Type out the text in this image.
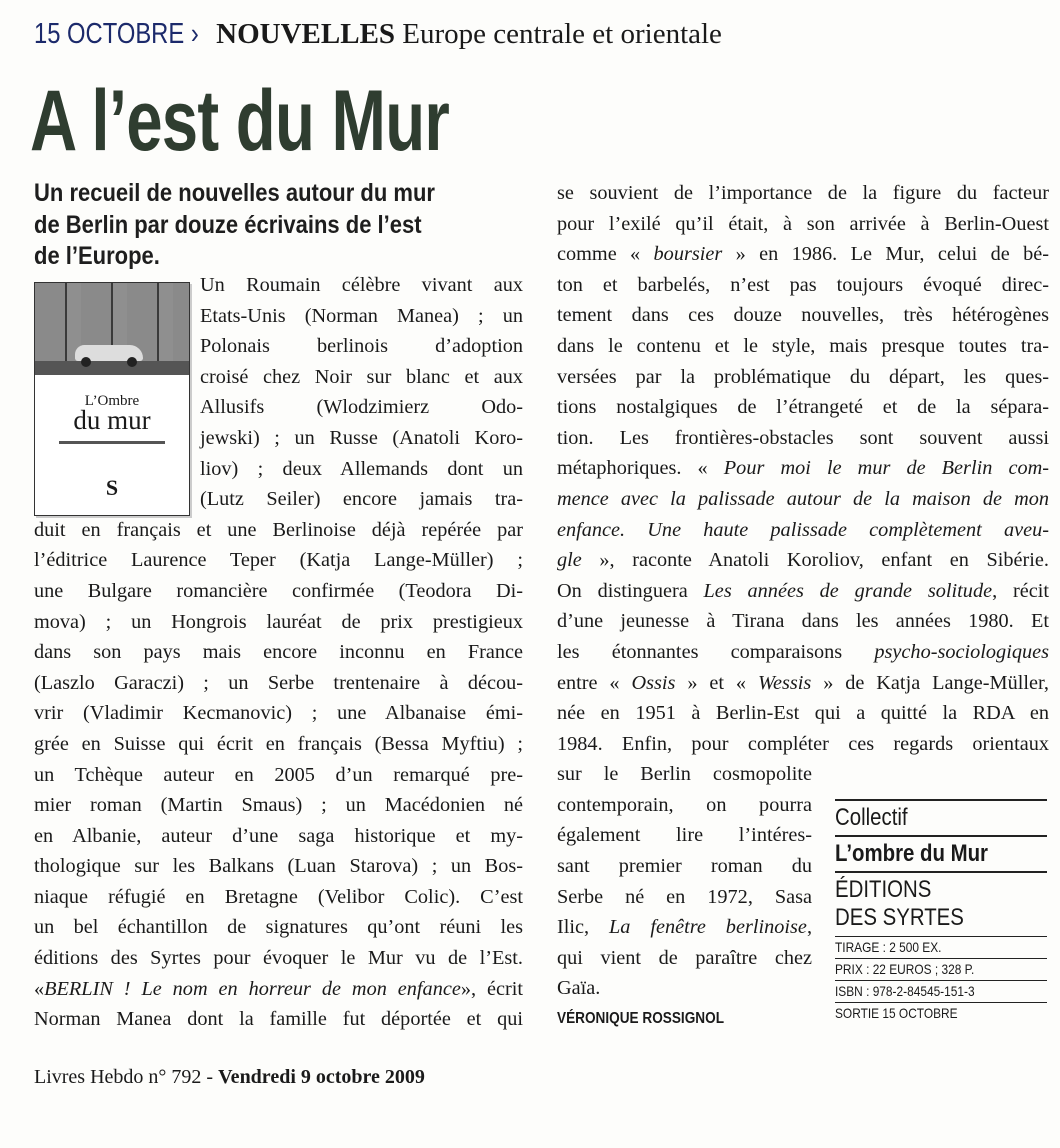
15 OCTOBRE › NOUVELLES Europe centrale et orientale
A l’est du Mur
Un recueil de nouvelles autour du mur
de Berlin par douze écrivains de l’est
de l’Europe.
L’Ombre
du mur
S
Un Roumain célèbre vivant aux
Etats-Unis (Norman Manea) ; un
Polonais berlinois d’adoption
croisé chez Noir sur blanc et aux
Allusifs (Wlodzimierz Odo-
jewski) ; un Russe (Anatoli Koro-
liov) ; deux Allemands dont un
(Lutz Seiler) encore jamais tra-
duit en français et une Berlinoise déjà repérée par
l’éditrice Laurence Teper (Katja Lange-Müller) ;
une Bulgare romancière confirmée (Teodora Di-
mova) ; un Hongrois lauréat de prix prestigieux
dans son pays mais encore inconnu en France
(Laszlo Garaczi) ; un Serbe trentenaire à décou-
vrir (Vladimir Kecmanovic) ; une Albanaise émi-
grée en Suisse qui écrit en français (Bessa Myftiu) ;
un Tchèque auteur en 2005 d’un remarqué pre-
mier roman (Martin Smaus) ; un Macédonien né
en Albanie, auteur d’une saga historique et my-
thologique sur les Balkans (Luan Starova) ; un Bos-
niaque réfugié en Bretagne (Velibor Colic). C’est
un bel échantillon de signatures qu’ont réuni les
éditions des Syrtes pour évoquer le Mur vu de l’Est.
«BERLIN ! Le nom en horreur de mon enfance», écrit
Norman Manea dont la famille fut déportée et qui
se souvient de l’importance de la figure du facteur
pour l’exilé qu’il était, à son arrivée à Berlin-Ouest
comme « boursier » en 1986. Le Mur, celui de bé-
ton et barbelés, n’est pas toujours évoqué direc-
tement dans ces douze nouvelles, très hétérogènes
dans le contenu et le style, mais presque toutes tra-
versées par la problématique du départ, les ques-
tions nostalgiques de l’étrangeté et de la sépara-
tion. Les frontières-obstacles sont souvent aussi
métaphoriques. « Pour moi le mur de Berlin com-
mence avec la palissade autour de la maison de mon
enfance. Une haute palissade complètement aveu-
gle », raconte Anatoli Koroliov, enfant en Sibérie.
On distinguera Les années de grande solitude, récit
d’une jeunesse à Tirana dans les années 1980. Et
les étonnantes comparaisons psycho-sociologiques
entre « Ossis » et « Wessis » de Katja Lange-Müller,
née en 1951 à Berlin-Est qui a quitté la RDA en
1984. Enfin, pour compléter ces regards orientaux
sur le Berlin cosmopolite
contemporain, on pourra
également lire l’intéres-
sant premier roman du
Serbe né en 1972, Sasa
Ilic, La fenêtre berlinoise,
qui vient de paraître chez
Gaïa.
VÉRONIQUE ROSSIGNOL
Collectif
L’ombre du Mur
ÉDITIONS
DES SYRTES
TIRAGE : 2 500 EX.
PRIX : 22 EUROS ; 328 P.
ISBN : 978-2-84545-151-3
SORTIE 15 OCTOBRE
Livres Hebdo n° 792 - Vendredi 9 octobre 2009
